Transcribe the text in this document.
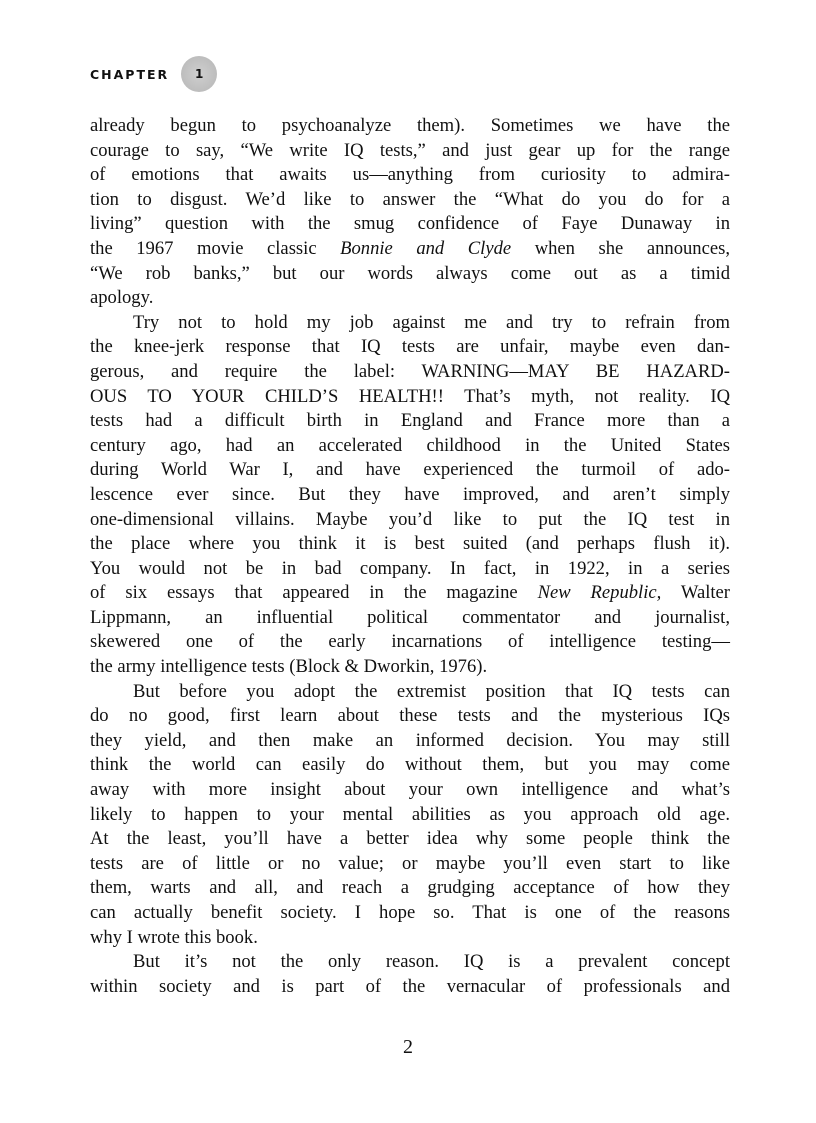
CHAPTER	1
already begun to psychoanalyze them). Sometimes we have the
courage to say, “We write IQ tests,” and just gear up for the range
of emotions that awaits us—anything from curiosity to admira-
tion to disgust. We’d like to answer the “What do you do for a
living” question with the smug confidence of Faye Dunaway in
the 1967 movie classic Bonnie and Clyde when she announces,
“We rob banks,” but our words always come out as a timid
apology.
Try not to hold my job against me and try to refrain from
the knee-jerk response that IQ tests are unfair, maybe even dan-
gerous, and require the label: WARNING—MAY BE HAZARD-
OUS TO YOUR CHILD’S HEALTH!! That’s myth, not reality. IQ
tests had a difficult birth in England and France more than a
century ago, had an accelerated childhood in the United States
during World War I, and have experienced the turmoil of ado-
lescence ever since. But they have improved, and aren’t simply
one-dimensional villains. Maybe you’d like to put the IQ test in
the place where you think it is best suited (and perhaps flush it).
You would not be in bad company. In fact, in 1922, in a series
of six essays that appeared in the magazine New Republic, Walter
Lippmann, an influential political commentator and journalist,
skewered one of the early incarnations of intelligence testing—
the army intelligence tests (Block & Dworkin, 1976).
But before you adopt the extremist position that IQ tests can
do no good, first learn about these tests and the mysterious IQs
they yield, and then make an informed decision. You may still
think the world can easily do without them, but you may come
away with more insight about your own intelligence and what’s
likely to happen to your mental abilities as you approach old age.
At the least, you’ll have a better idea why some people think the
tests are of little or no value; or maybe you’ll even start to like
them, warts and all, and reach a grudging acceptance of how they
can actually benefit society. I hope so. That is one of the reasons
why I wrote this book.
But it’s not the only reason. IQ is a prevalent concept
within society and is part of the vernacular of professionals and
2
